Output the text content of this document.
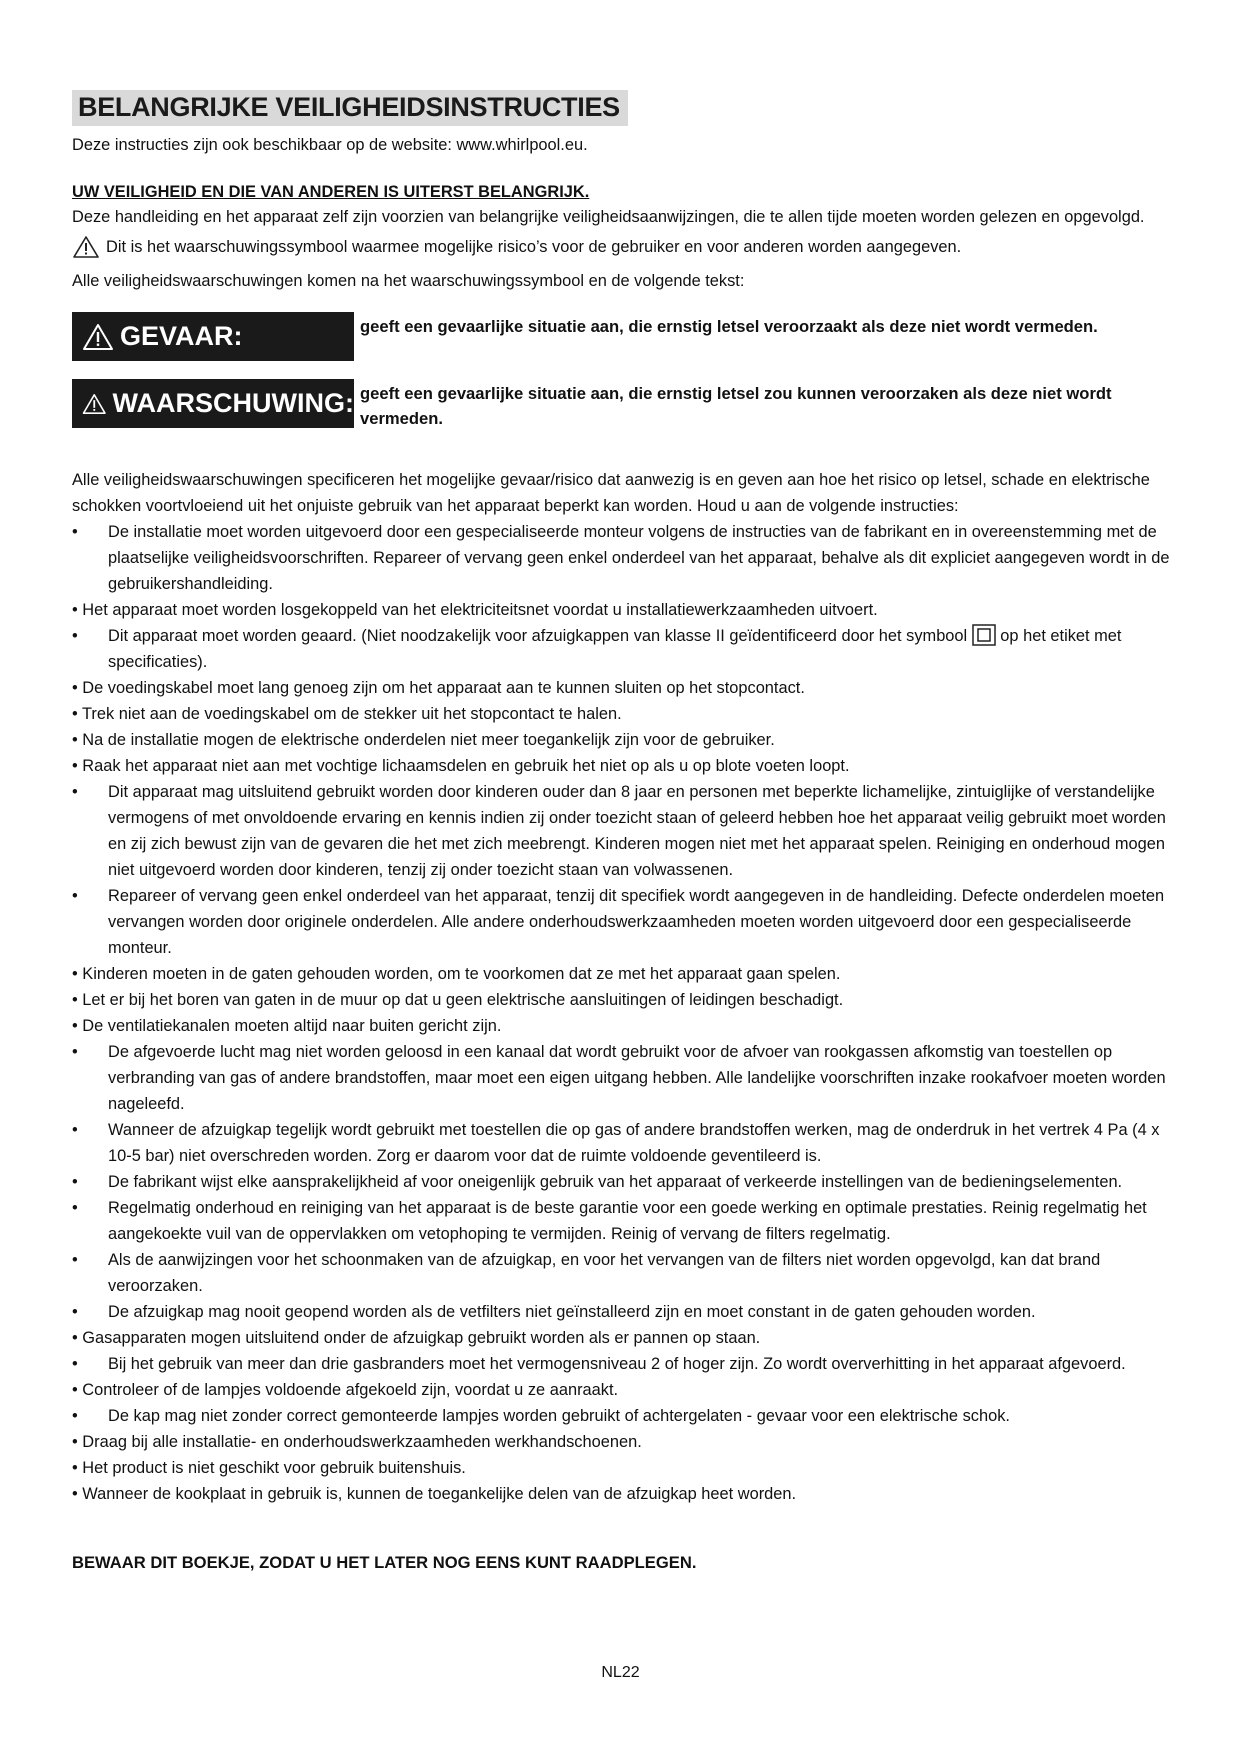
BELANGRIJKE VEILIGHEIDSINSTRUCTIES

Deze instructies zijn ook beschikbaar op de website: www.whirlpool.eu.

UW VEILIGHEID EN DIE VAN ANDEREN IS UITERST BELANGRIJK.

Deze handleiding en het apparaat zelf zijn voorzien van belangrijke veiligheidsaanwijzingen, die te allen tijde moeten worden gelezen en opgevolgd.

Dit is het waarschuwingssymbool waarmee mogelijke risico’s voor de gebruiker en voor anderen worden aangegeven.

Alle veiligheidswaarschuwingen komen na het waarschuwingssymbool en de volgende tekst:

GEVAAR:	geeft een gevaarlijke situatie aan, die ernstig letsel veroorzaakt als deze niet wordt vermeden.
WAARSCHUWING: geeft een gevaarlijke situatie aan, die ernstig letsel zou kunnen veroorzaken als deze niet wordt vermeden.

Alle veiligheidswaarschuwingen specificeren het mogelijke gevaar/risico dat aanwezig is en geven aan hoe het risico op letsel, schade en elektrische schokken voortvloeiend uit het onjuiste gebruik van het apparaat beperkt kan worden. Houd u aan de volgende instructies:

• De installatie moet worden uitgevoerd door een gespecialiseerde monteur volgens de instructies van de fabrikant en in overeenstemming met de plaatselijke veiligheidsvoorschriften. Repareer of vervang geen enkel onderdeel van het apparaat, behalve als dit expliciet aangegeven wordt in de gebruikershandleiding.
• Het apparaat moet worden losgekoppeld van het elektriciteitsnet voordat u installatiewerkzaamheden uitvoert.
• Dit apparaat moet worden geaard. (Niet noodzakelijk voor afzuigkappen van klasse II geïdentificeerd door het symbool  op het etiket met specificaties).
• De voedingskabel moet lang genoeg zijn om het apparaat aan te kunnen sluiten op het stopcontact.
• Trek niet aan de voedingskabel om de stekker uit het stopcontact te halen.
• Na de installatie mogen de elektrische onderdelen niet meer toegankelijk zijn voor de gebruiker.
• Raak het apparaat niet aan met vochtige lichaamsdelen en gebruik het niet op als u op blote voeten loopt.
• Dit apparaat mag uitsluitend gebruikt worden door kinderen ouder dan 8 jaar en personen met beperkte lichamelijke, zintuiglijke of verstandelijke vermogens of met onvoldoende ervaring en kennis indien zij onder toezicht staan of geleerd hebben hoe het apparaat veilig gebruikt moet worden en zij zich bewust zijn van de gevaren die het met zich meebrengt. Kinderen mogen niet met het apparaat spelen. Reiniging en onderhoud mogen niet uitgevoerd worden door kinderen, tenzij zij onder toezicht staan van volwassenen.
• Repareer of vervang geen enkel onderdeel van het apparaat, tenzij dit specifiek wordt aangegeven in de handleiding. Defecte onderdelen moeten vervangen worden door originele onderdelen. Alle andere onderhoudswerkzaamheden moeten worden uitgevoerd door een gespecialiseerde monteur.
• Kinderen moeten in de gaten gehouden worden, om te voorkomen dat ze met het apparaat gaan spelen.
• Let er bij het boren van gaten in de muur op dat u geen elektrische aansluitingen of leidingen beschadigt.
• De ventilatiekanalen moeten altijd naar buiten gericht zijn.
• De afgevoerde lucht mag niet worden geloosd in een kanaal dat wordt gebruikt voor de afvoer van rookgassen afkomstig van toestellen op verbranding van gas of andere brandstoffen, maar moet een eigen uitgang hebben. Alle landelijke voorschriften inzake rookafvoer moeten worden nageleefd.
• Wanneer de afzuigkap tegelijk wordt gebruikt met toestellen die op gas of andere brandstoffen werken, mag de onderdruk in het vertrek 4 Pa (4 x 10-5 bar) niet overschreden worden. Zorg er daarom voor dat de ruimte voldoende geventileerd is.
• De fabrikant wijst elke aansprakelijkheid af voor oneigenlijk gebruik van het apparaat of verkeerde instellingen van de bedieningselementen.
• Regelmatig onderhoud en reiniging van het apparaat is de beste garantie voor een goede werking en optimale prestaties. Reinig regelmatig het aangekoekte vuil van de oppervlakken om vetophoping te vermijden. Reinig of vervang de filters regelmatig.
• Als de aanwijzingen voor het schoonmaken van de afzuigkap, en voor het vervangen van de filters niet worden opgevolgd, kan dat brand veroorzaken.
• De afzuigkap mag nooit geopend worden als de vetfilters niet geïnstalleerd zijn en moet constant in de gaten gehouden worden.
• Gasapparaten mogen uitsluitend onder de afzuigkap gebruikt worden als er pannen op staan.
• Bij het gebruik van meer dan drie gasbranders moet het vermogensniveau 2 of hoger zijn. Zo wordt oververhitting in het apparaat afgevoerd.
• Controleer of de lampjes voldoende afgekoeld zijn, voordat u ze aanraakt.
• De kap mag niet zonder correct gemonteerde lampjes worden gebruikt of achtergelaten - gevaar voor een elektrische schok.
• Draag bij alle installatie- en onderhoudswerkzaamheden werkhandschoenen.
• Het product is niet geschikt voor gebruik buitenshuis.
• Wanneer de kookplaat in gebruik is, kunnen de toegankelijke delen van de afzuigkap heet worden.
BEWAAR DIT BOEKJE, ZODAT U HET LATER NOG EENS KUNT RAADPLEGEN.
NL22
